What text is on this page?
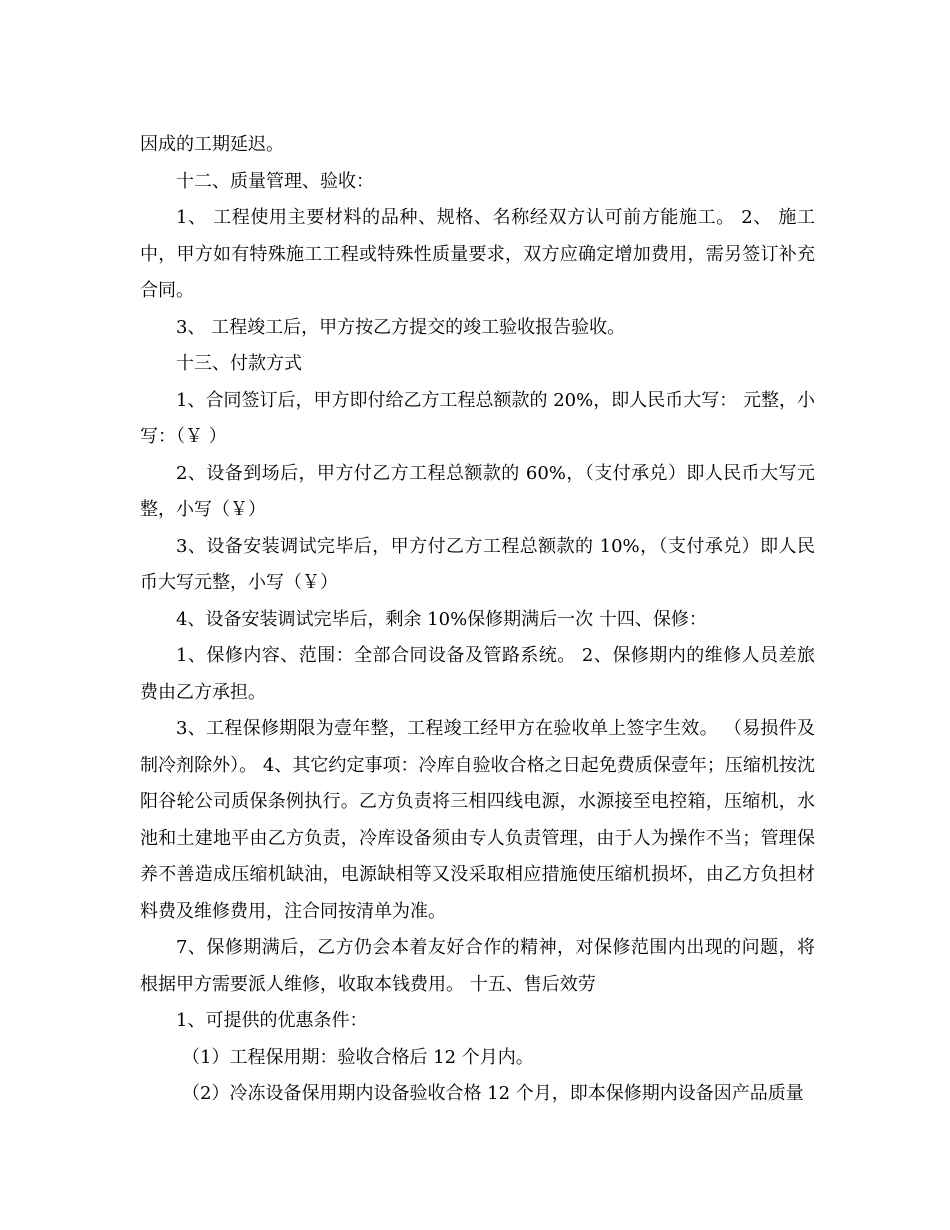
因成的工期延迟。

十二、质量管理、验收：

1、 工程使用主要材料的品种、规格、名称经双方认可前方能施工。 2、 施工中，甲方如有特殊施工工程或特殊性质量要求，双方应确定增加费用，需另签订补充合同。

3、 工程竣工后，甲方按乙方提交的竣工验收报告验收。

十三、付款方式

1、合同签订后，甲方即付给乙方工程总额款的 20%，即人民币大写： 元整，小写：（￥ ）

2、设备到场后，甲方付乙方工程总额款的 60%，（支付承兑）即人民币大写元整，小写（￥）

3、设备安装调试完毕后，甲方付乙方工程总额款的 10%，（支付承兑）即人民币大写元整，小写（￥）

4、设备安装调试完毕后，剩余 10%保修期满后一次 十四、保修：

1、保修内容、范围：全部合同设备及管路系统。 2、保修期内的维修人员差旅费由乙方承担。

3、工程保修期限为壹年整，工程竣工经甲方在验收单上签字生效。 （易损件及制冷剂除外）。 4、其它约定事项：冷库自验收合格之日起免费质保壹年；压缩机按沈阳谷轮公司质保条例执行。乙方负责将三相四线电源，水源接至电控箱，压缩机，水池和土建地平由乙方负责，冷库设备须由专人负责管理，由于人为操作不当；管理保养不善造成压缩机缺油，电源缺相等又没采取相应措施使压缩机损坏，由乙方负担材料费及维修费用，注合同按清单为准。

7、保修期满后，乙方仍会本着友好合作的精神，对保修范围内出现的问题，将根据甲方需要派人维修，收取本钱费用。 十五、售后效劳

1、可提供的优惠条件：

（1）工程保用期：验收合格后 12 个月内。

（2）冷冻设备保用期内设备验收合格 12 个月，即本保修期内设备因产品质量
